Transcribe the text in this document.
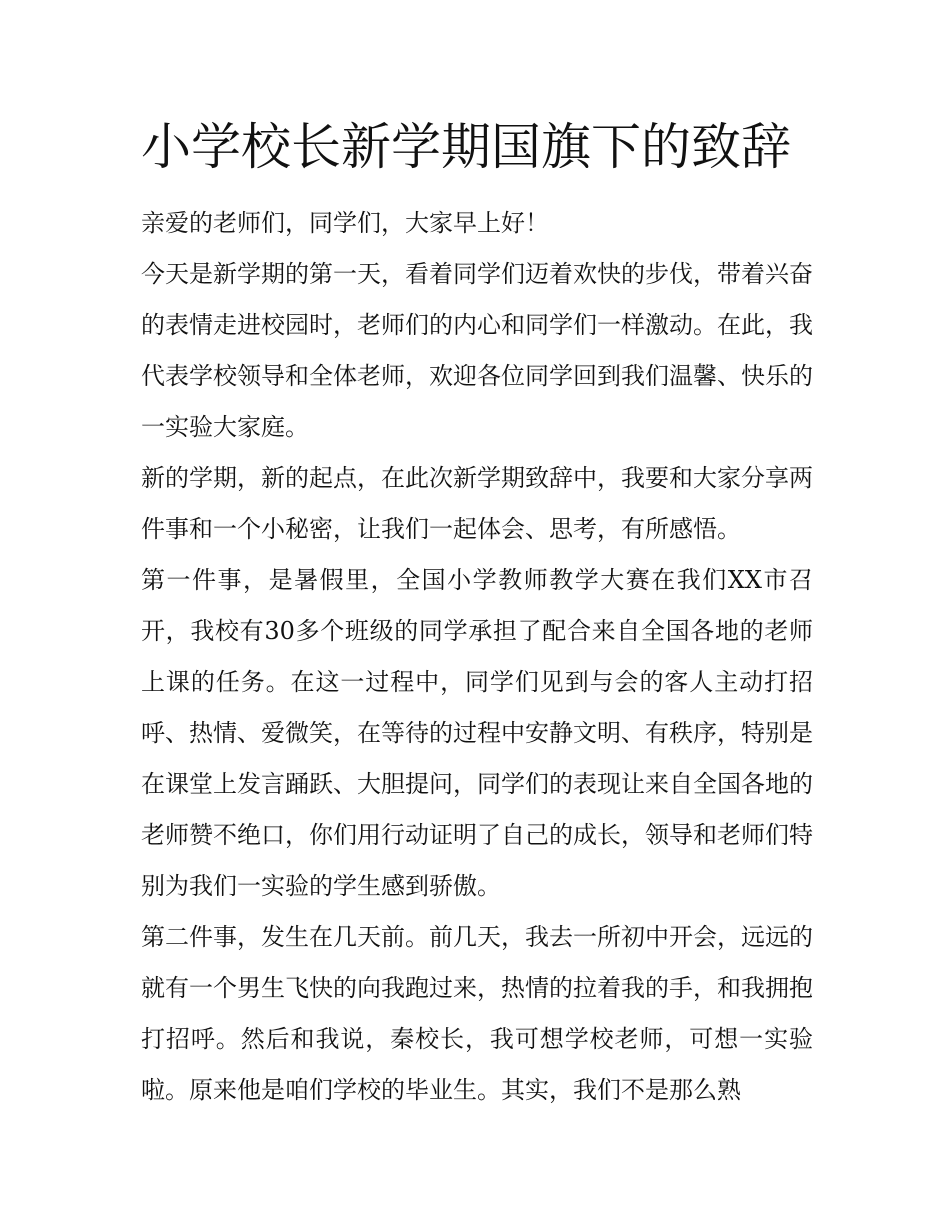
小学校长新学期国旗下的致辞

亲爱的老师们，同学们，大家早上好！

今天是新学期的第一天，看着同学们迈着欢快的步伐，带着兴奋的表情走进校园时，老师们的内心和同学们一样激动。在此，我代表学校领导和全体老师，欢迎各位同学回到我们温馨、快乐的一实验大家庭。

新的学期，新的起点，在此次新学期致辞中，我要和大家分享两件事和一个小秘密，让我们一起体会、思考，有所感悟。

第一件事，是暑假里，全国小学教师教学大赛在我们XX市召开，我校有30多个班级的同学承担了配合来自全国各地的老师上课的任务。在这一过程中，同学们见到与会的客人主动打招呼、热情、爱微笑，在等待的过程中安静文明、有秩序，特别是在课堂上发言踊跃、大胆提问，同学们的表现让来自全国各地的老师赞不绝口，你们用行动证明了自己的成长，领导和老师们特别为我们一实验的学生感到骄傲。

第二件事，发生在几天前。前几天，我去一所初中开会，远远的就有一个男生飞快的向我跑过来，热情的拉着我的手，和我拥抱打招呼。然后和我说，秦校长，我可想学校老师，可想一实验啦。原来他是咱们学校的毕业生。其实，我们不是那么熟
